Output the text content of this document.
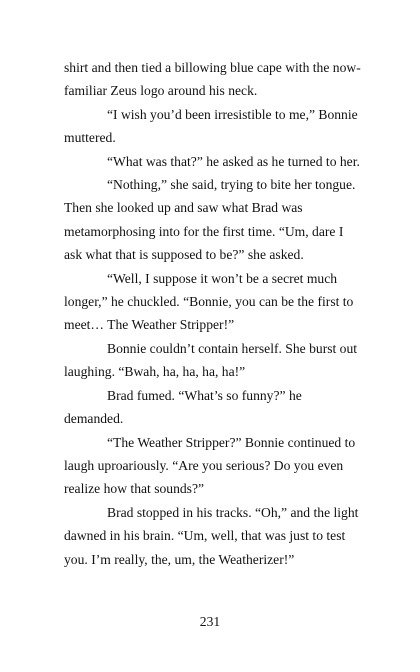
shirt and then tied a billowing blue cape with the now-familiar Zeus logo around his neck.

“I wish you’d been irresistible to me,” Bonnie muttered.

“What was that?” he asked as he turned to her.

“Nothing,” she said, trying to bite her tongue. Then she looked up and saw what Brad was metamorphosing into for the first time. “Um, dare I ask what that is supposed to be?” she asked.

“Well, I suppose it won’t be a secret much longer,” he chuckled. “Bonnie, you can be the first to meet… The Weather Stripper!”

Bonnie couldn’t contain herself. She burst out laughing. “Bwah, ha, ha, ha, ha!”

Brad fumed. “What’s so funny?” he demanded.

“The Weather Stripper?” Bonnie continued to laugh uproariously. “Are you serious? Do you even realize how that sounds?”

Brad stopped in his tracks. “Oh,” and the light dawned in his brain. “Um, well, that was just to test you. I’m really, the, um, the Weatherizer!”

231
